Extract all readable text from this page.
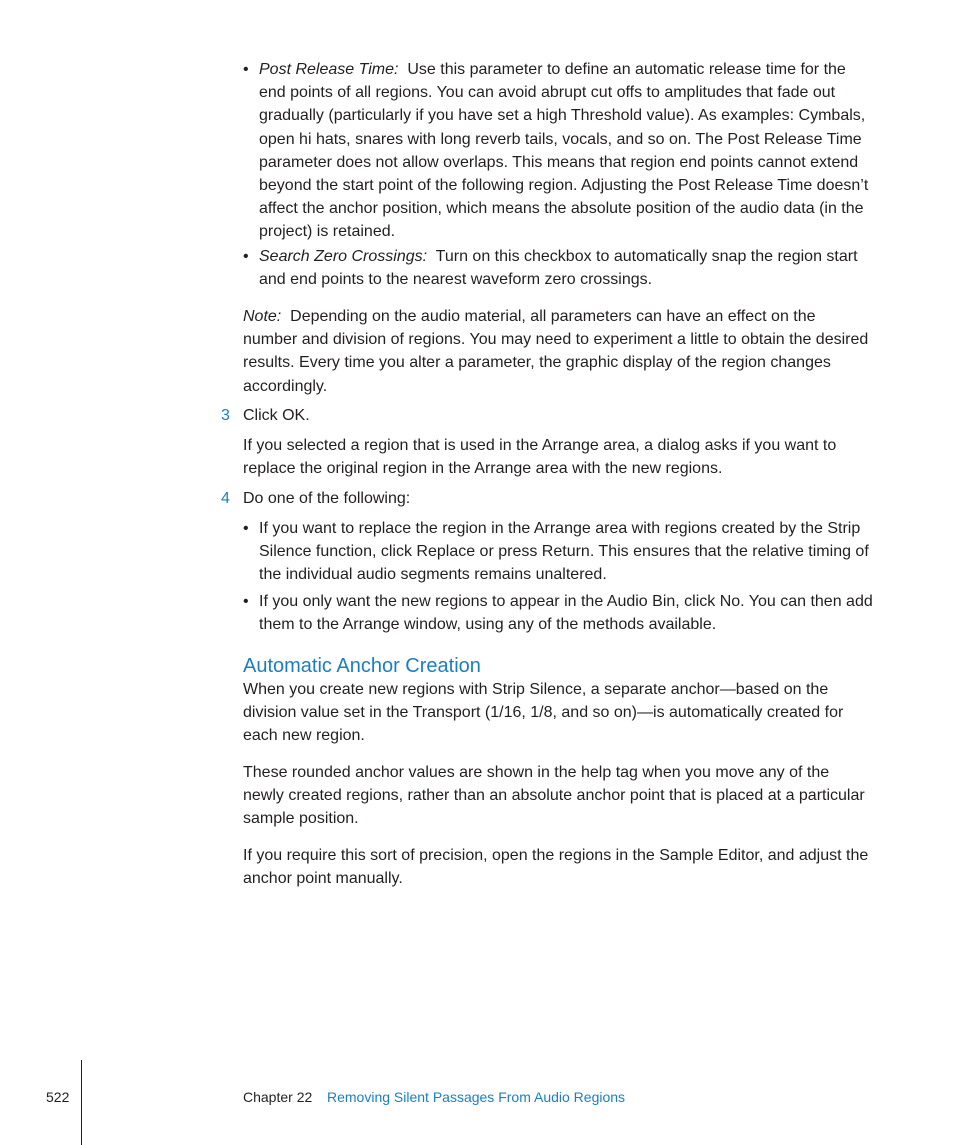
• Post Release Time: Use this parameter to define an automatic release time for the end points of all regions. You can avoid abrupt cut offs to amplitudes that fade out gradually (particularly if you have set a high Threshold value). As examples: Cymbals, open hi hats, snares with long reverb tails, vocals, and so on. The Post Release Time parameter does not allow overlaps. This means that region end points cannot extend beyond the start point of the following region. Adjusting the Post Release Time doesn’t affect the anchor position, which means the absolute position of the audio data (in the project) is retained.
• Search Zero Crossings: Turn on this checkbox to automatically snap the region start and end points to the nearest waveform zero crossings.

Note: Depending on the audio material, all parameters can have an effect on the number and division of regions. You may need to experiment a little to obtain the desired results. Every time you alter a parameter, the graphic display of the region changes accordingly.

3 Click OK.

If you selected a region that is used in the Arrange area, a dialog asks if you want to replace the original region in the Arrange area with the new regions.

4 Do one of the following:
• If you want to replace the region in the Arrange area with regions created by the Strip Silence function, click Replace or press Return. This ensures that the relative timing of the individual audio segments remains unaltered.
• If you only want the new regions to appear in the Audio Bin, click No. You can then add them to the Arrange window, using any of the methods available.
Automatic Anchor Creation

When you create new regions with Strip Silence, a separate anchor—based on the division value set in the Transport (1/16, 1/8, and so on)—is automatically created for each new region.

These rounded anchor values are shown in the help tag when you move any of the newly created regions, rather than an absolute anchor point that is placed at a particular sample position.

If you require this sort of precision, open the regions in the Sample Editor, and adjust the anchor point manually.

522	Chapter 22 Removing Silent Passages From Audio Regions
